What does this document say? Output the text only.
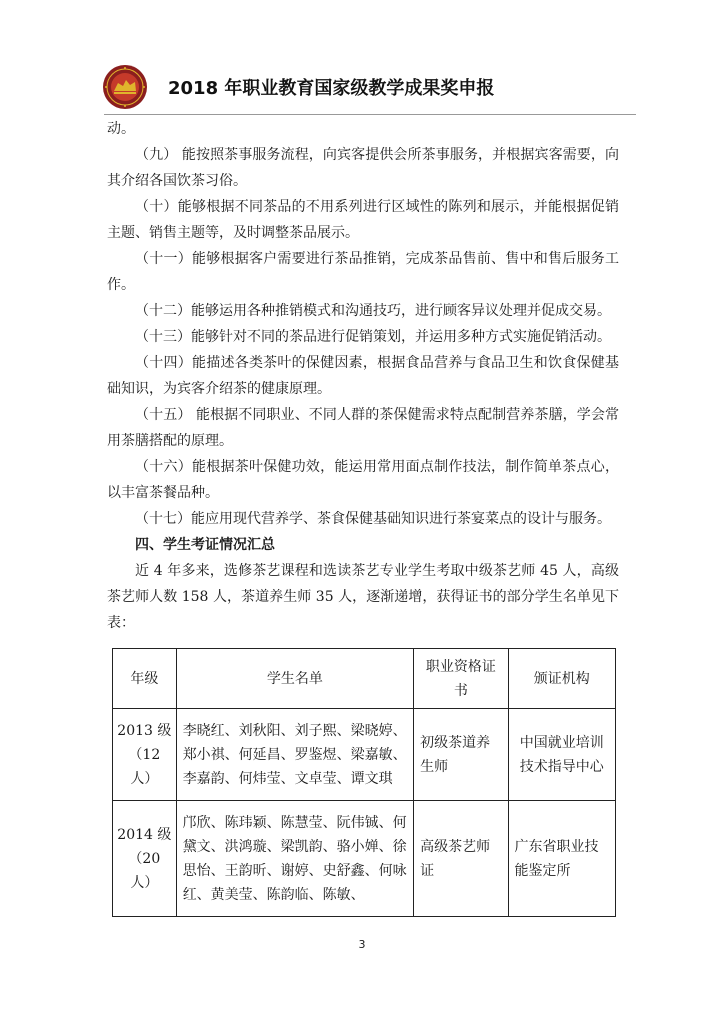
2018 年职业教育国家级教学成果奖申报

动。

（九） 能按照茶事服务流程，向宾客提供会所茶事服务，并根据宾客需要，向其介绍各国饮茶习俗。

（十）能够根据不同茶品的不用系列进行区域性的陈列和展示，并能根据促销主题、销售主题等，及时调整茶品展示。

（十一）能够根据客户需要进行茶品推销，完成茶品售前、售中和售后服务工作。

（十二）能够运用各种推销模式和沟通技巧，进行顾客异议处理并促成交易。

（十三）能够针对不同的茶品进行促销策划，并运用多种方式实施促销活动。

（十四）能描述各类茶叶的保健因素，根据食品营养与食品卫生和饮食保健基础知识，为宾客介绍茶的健康原理。

（十五） 能根据不同职业、不同人群的茶保健需求特点配制营养茶膳，学会常用茶膳搭配的原理。

（十六）能根据茶叶保健功效，能运用常用面点制作技法，制作简单茶点心，以丰富茶餐品种。

（十七）能应用现代营养学、茶食保健基础知识进行茶宴菜点的设计与服务。

四、学生考证情况汇总

近 4 年多来，选修茶艺课程和选读茶艺专业学生考取中级茶艺师 45 人，高级茶艺师人数 158 人，茶道养生师 35 人，逐渐递增，获得证书的部分学生名单见下表：

年级	学生名单	职业资格证书	颁证机构
2013 级（12 人）	李晓红、刘秋阳、刘子熙、梁晓婷、郑小祺、何延昌、罗鉴煜、梁嘉敏、李嘉韵、何炜莹、文卓莹、谭文琪	初级茶道养生师	中国就业培训技术指导中心
2014 级（20 人）	邝欣、陈玮颖、陈慧莹、阮伟铖、何黛文、洪鸿璇、梁凯韵、骆小婵、徐思怡、王韵昕、谢婷、史舒鑫、何咏红、黄美莹、陈韵临、陈敏、	高级茶艺师证	广东省职业技能鉴定所
3
